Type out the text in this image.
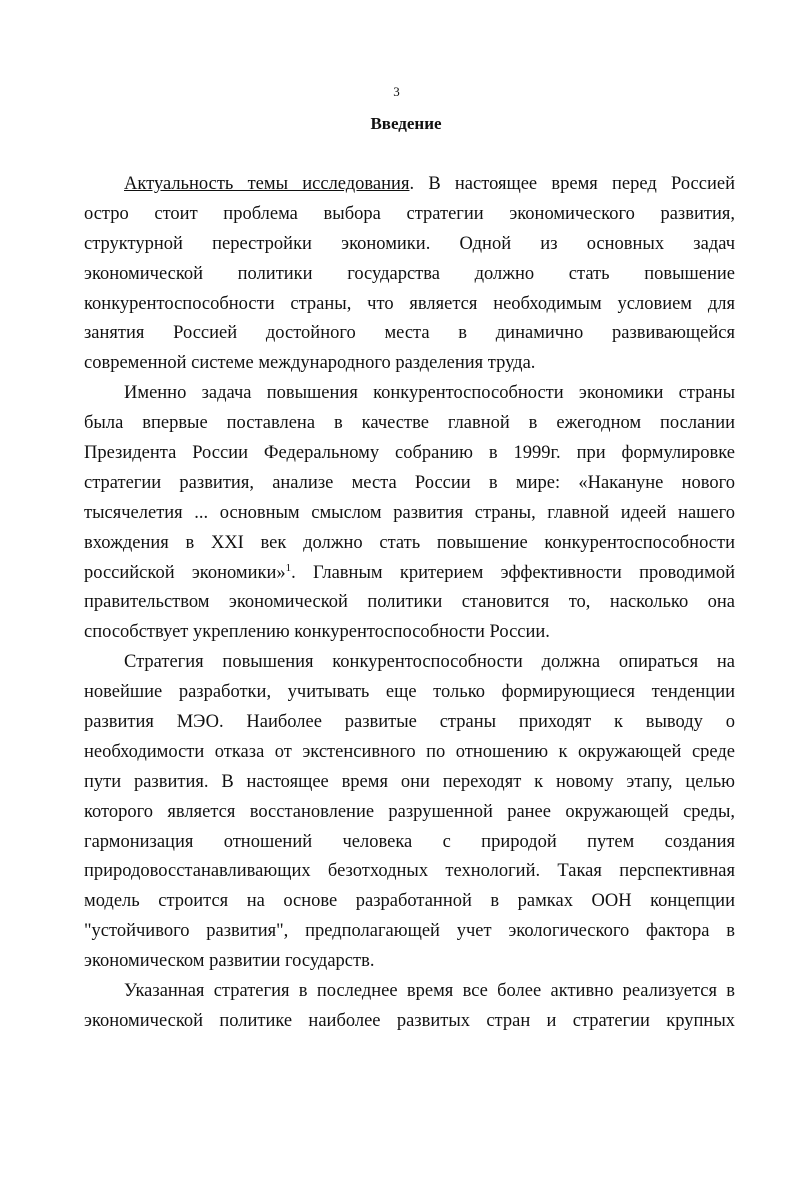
3
Введение
Актуальность темы исследования. В настоящее время перед Россией
остро стоит проблема выбора стратегии экономического развития,
структурной перестройки экономики. Одной из основных задач
экономической политики государства должно стать повышение
конкурентоспособности страны, что является необходимым условием для
занятия Россией достойного места в динамично развивающейся
современной системе международного разделения труда.
Именно задача повышения конкурентоспособности экономики страны
была впервые поставлена в качестве главной в ежегодном послании
Президента России Федеральному собранию в 1999г. при формулировке
стратегии развития, анализе места России в мире: «Накануне нового
тысячелетия ... основным смыслом развития страны, главной идеей нашего
вхождения в XXI век должно стать повышение конкурентоспособности
российской экономики»$^1$. Главным критерием эффективности проводимой
правительством экономической политики становится то, насколько она
способствует укреплению конкурентоспособности России.
Стратегия повышения конкурентоспособности должна опираться на
новейшие разработки, учитывать еще только формирующиеся тенденции
развития МЭО. Наиболее развитые страны приходят к выводу о
необходимости отказа от экстенсивного по отношению к окружающей среде
пути развития. В настоящее время они переходят к новому этапу, целью
которого является восстановление разрушенной ранее окружающей среды,
гармонизация отношений человека с природой путем создания
природовосстанавливающих безотходных технологий. Такая перспективная
модель строится на основе разработанной в рамках ООН концепции
"устойчивого развития", предполагающей учет экологического фактора в
экономическом развитии государств.
Указанная стратегия в последнее время все более активно реализуется в
экономической политике наиболее развитых стран и стратегии крупных
